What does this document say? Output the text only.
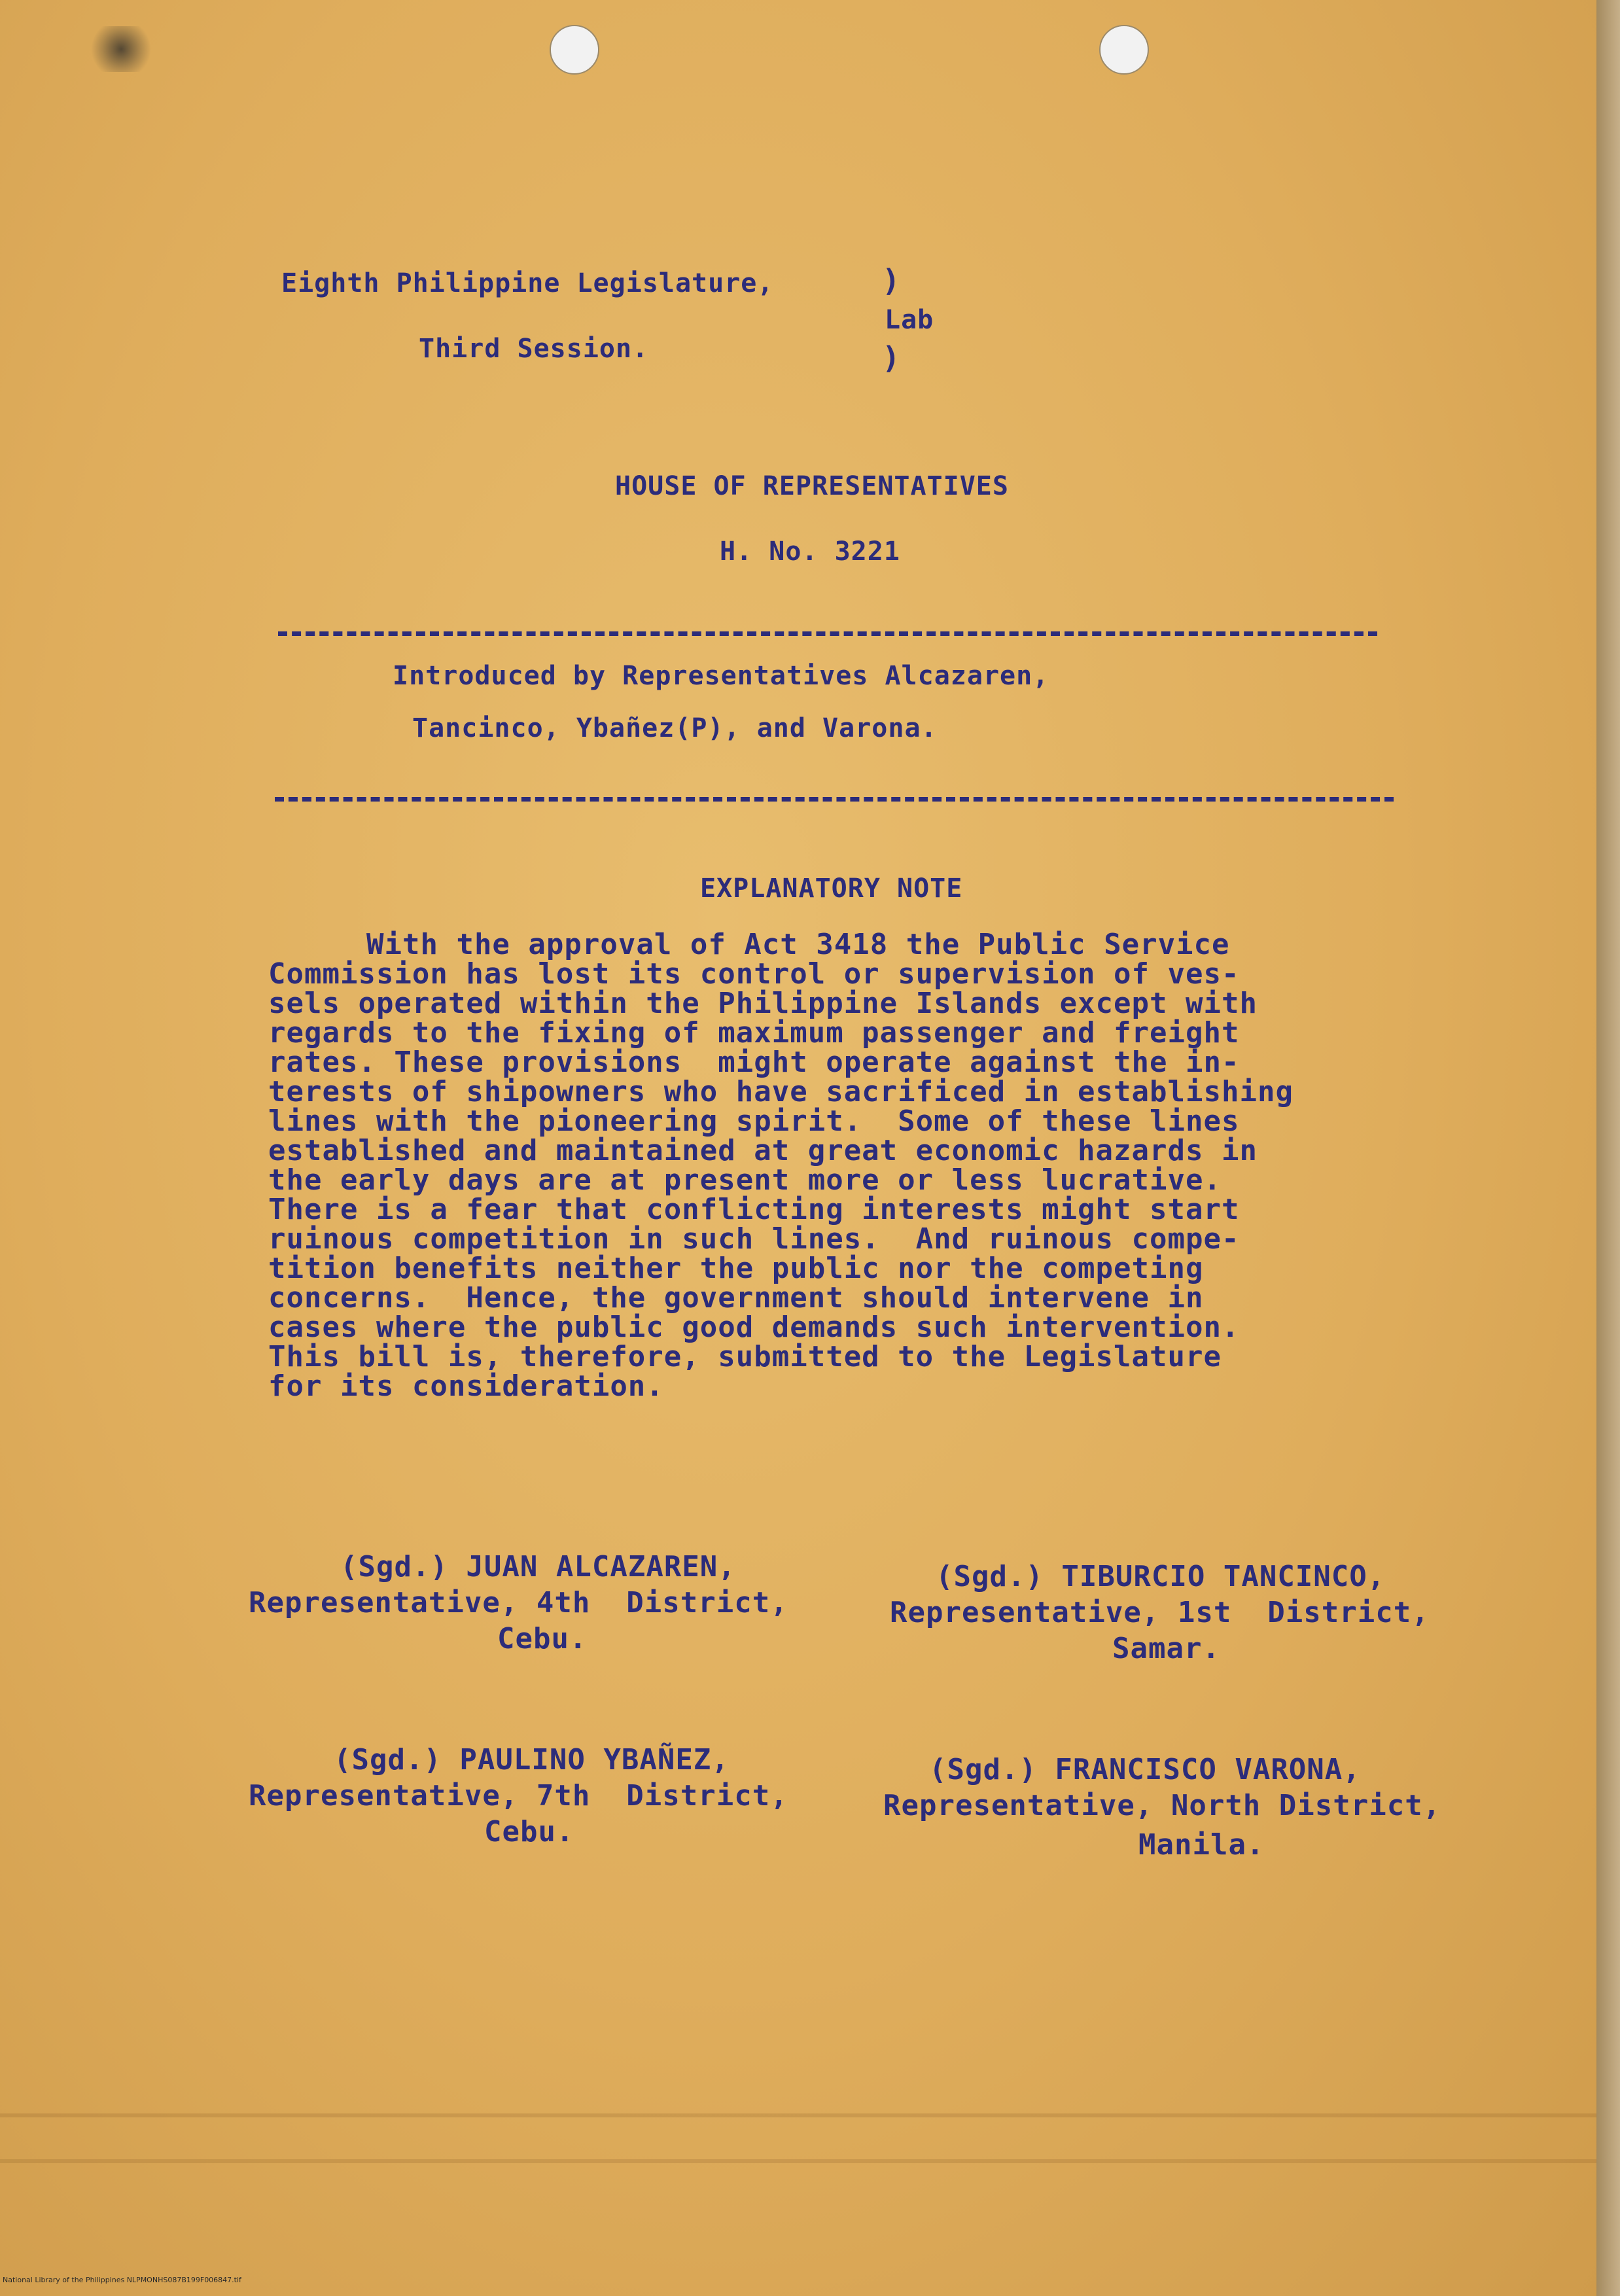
Eighth Philippine Legislature,

Third Session.

)
)

Lab

HOUSE OF REPRESENTATIVES

H. No. 3221

Introduced by Representatives Alcazaren,

Tancinco, Ybañez(P), and Varona.

EXPLANATORY NOTE

With the approval of Act 3418 the Public Service

Commission has lost its control or supervision of ves-

sels operated within the Philippine Islands except with

regards to the fixing of maximum passenger and freight

rates. These provisions  might operate against the in-

terests of shipowners who have sacrificed in establishing

lines with the pioneering spirit.  Some of these lines

established and maintained at great economic hazards in

the early days are at present more or less lucrative.

There is a fear that conflicting interests might start

ruinous competition in such lines.  And ruinous compe-

tition benefits neither the public nor the competing

concerns.  Hence, the government should intervene in

cases where the public good demands such intervention.

This bill is, therefore, submitted to the Legislature

for its consideration.

(Sgd.) JUAN ALCAZAREN,

Representative, 4th  District,

Cebu.

(Sgd.) TIBURCIO TANCINCO,

Representative, 1st  District,

Samar.

(Sgd.) PAULINO YBAÑEZ,

Representative, 7th  District,

Cebu.

(Sgd.) FRANCISCO VARONA,

Representative, North District,

Manila.

National Library of the Philippines NLPMONHS087B199F006847.tif
